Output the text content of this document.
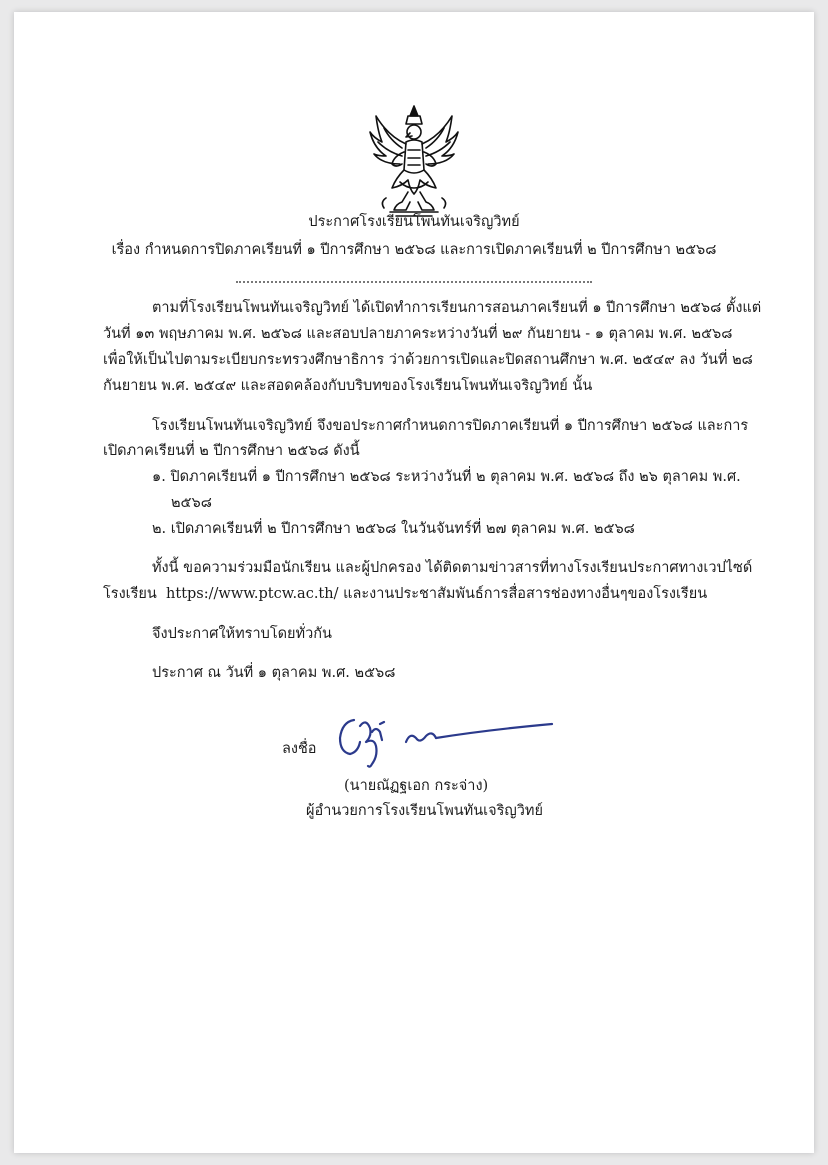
ประกาศโรงเรียนโพนทันเจริญวิทย์
เรื่อง กำหนดการปิดภาคเรียนที่ ๑ ปีการศึกษา ๒๕๖๘ และการเปิดภาคเรียนที่ ๒ ปีการศึกษา ๒๕๖๘
ตามที่โรงเรียนโพนทันเจริญวิทย์ ได้เปิดทำการเรียนการสอนภาคเรียนที่ ๑ ปีการศึกษา ๒๕๖๘ ตั้งแต่
วันที่ ๑๓ พฤษภาคม พ.ศ. ๒๕๖๘ และสอบปลายภาคระหว่างวันที่ ๒๙ กันยายน - ๑ ตุลาคม พ.ศ. ๒๕๖๘
เพื่อให้เป็นไปตามระเบียบกระทรวงศึกษาธิการ ว่าด้วยการเปิดและปิดสถานศึกษา พ.ศ. ๒๕๔๙ ลง วันที่ ๒๘
กันยายน พ.ศ. ๒๕๔๙ และสอดคล้องกับบริบทของโรงเรียนโพนทันเจริญวิทย์ นั้น
โรงเรียนโพนทันเจริญวิทย์ จึงขอประกาศกำหนดการปิดภาคเรียนที่ ๑ ปีการศึกษา ๒๕๖๘ และการ
เปิดภาคเรียนที่ ๒ ปีการศึกษา ๒๕๖๘ ดังนี้
๑. ปิดภาคเรียนที่ ๑ ปีการศึกษา ๒๕๖๘ ระหว่างวันที่ ๒ ตุลาคม พ.ศ. ๒๕๖๘ ถึง ๒๖ ตุลาคม พ.ศ.
๒๕๖๘
๒. เปิดภาคเรียนที่ ๒ ปีการศึกษา ๒๕๖๘ ในวันจันทร์ที่ ๒๗ ตุลาคม พ.ศ. ๒๕๖๘
ทั้งนี้ ขอความร่วมมือนักเรียน และผู้ปกครอง ได้ติดตามข่าวสารที่ทางโรงเรียนประกาศทางเวปไซด์
โรงเรียน https://www.ptcw.ac.th/ และงานประชาสัมพันธ์การสื่อสารช่องทางอื่นๆของโรงเรียน
จึงประกาศให้ทราบโดยทั่วกัน
ประกาศ ณ วันที่ ๑ ตุลาคม พ.ศ. ๒๕๖๘
ลงชื่อ
(นายณัฏฐเอก กระจ่าง)
ผู้อำนวยการโรงเรียนโพนทันเจริญวิทย์
